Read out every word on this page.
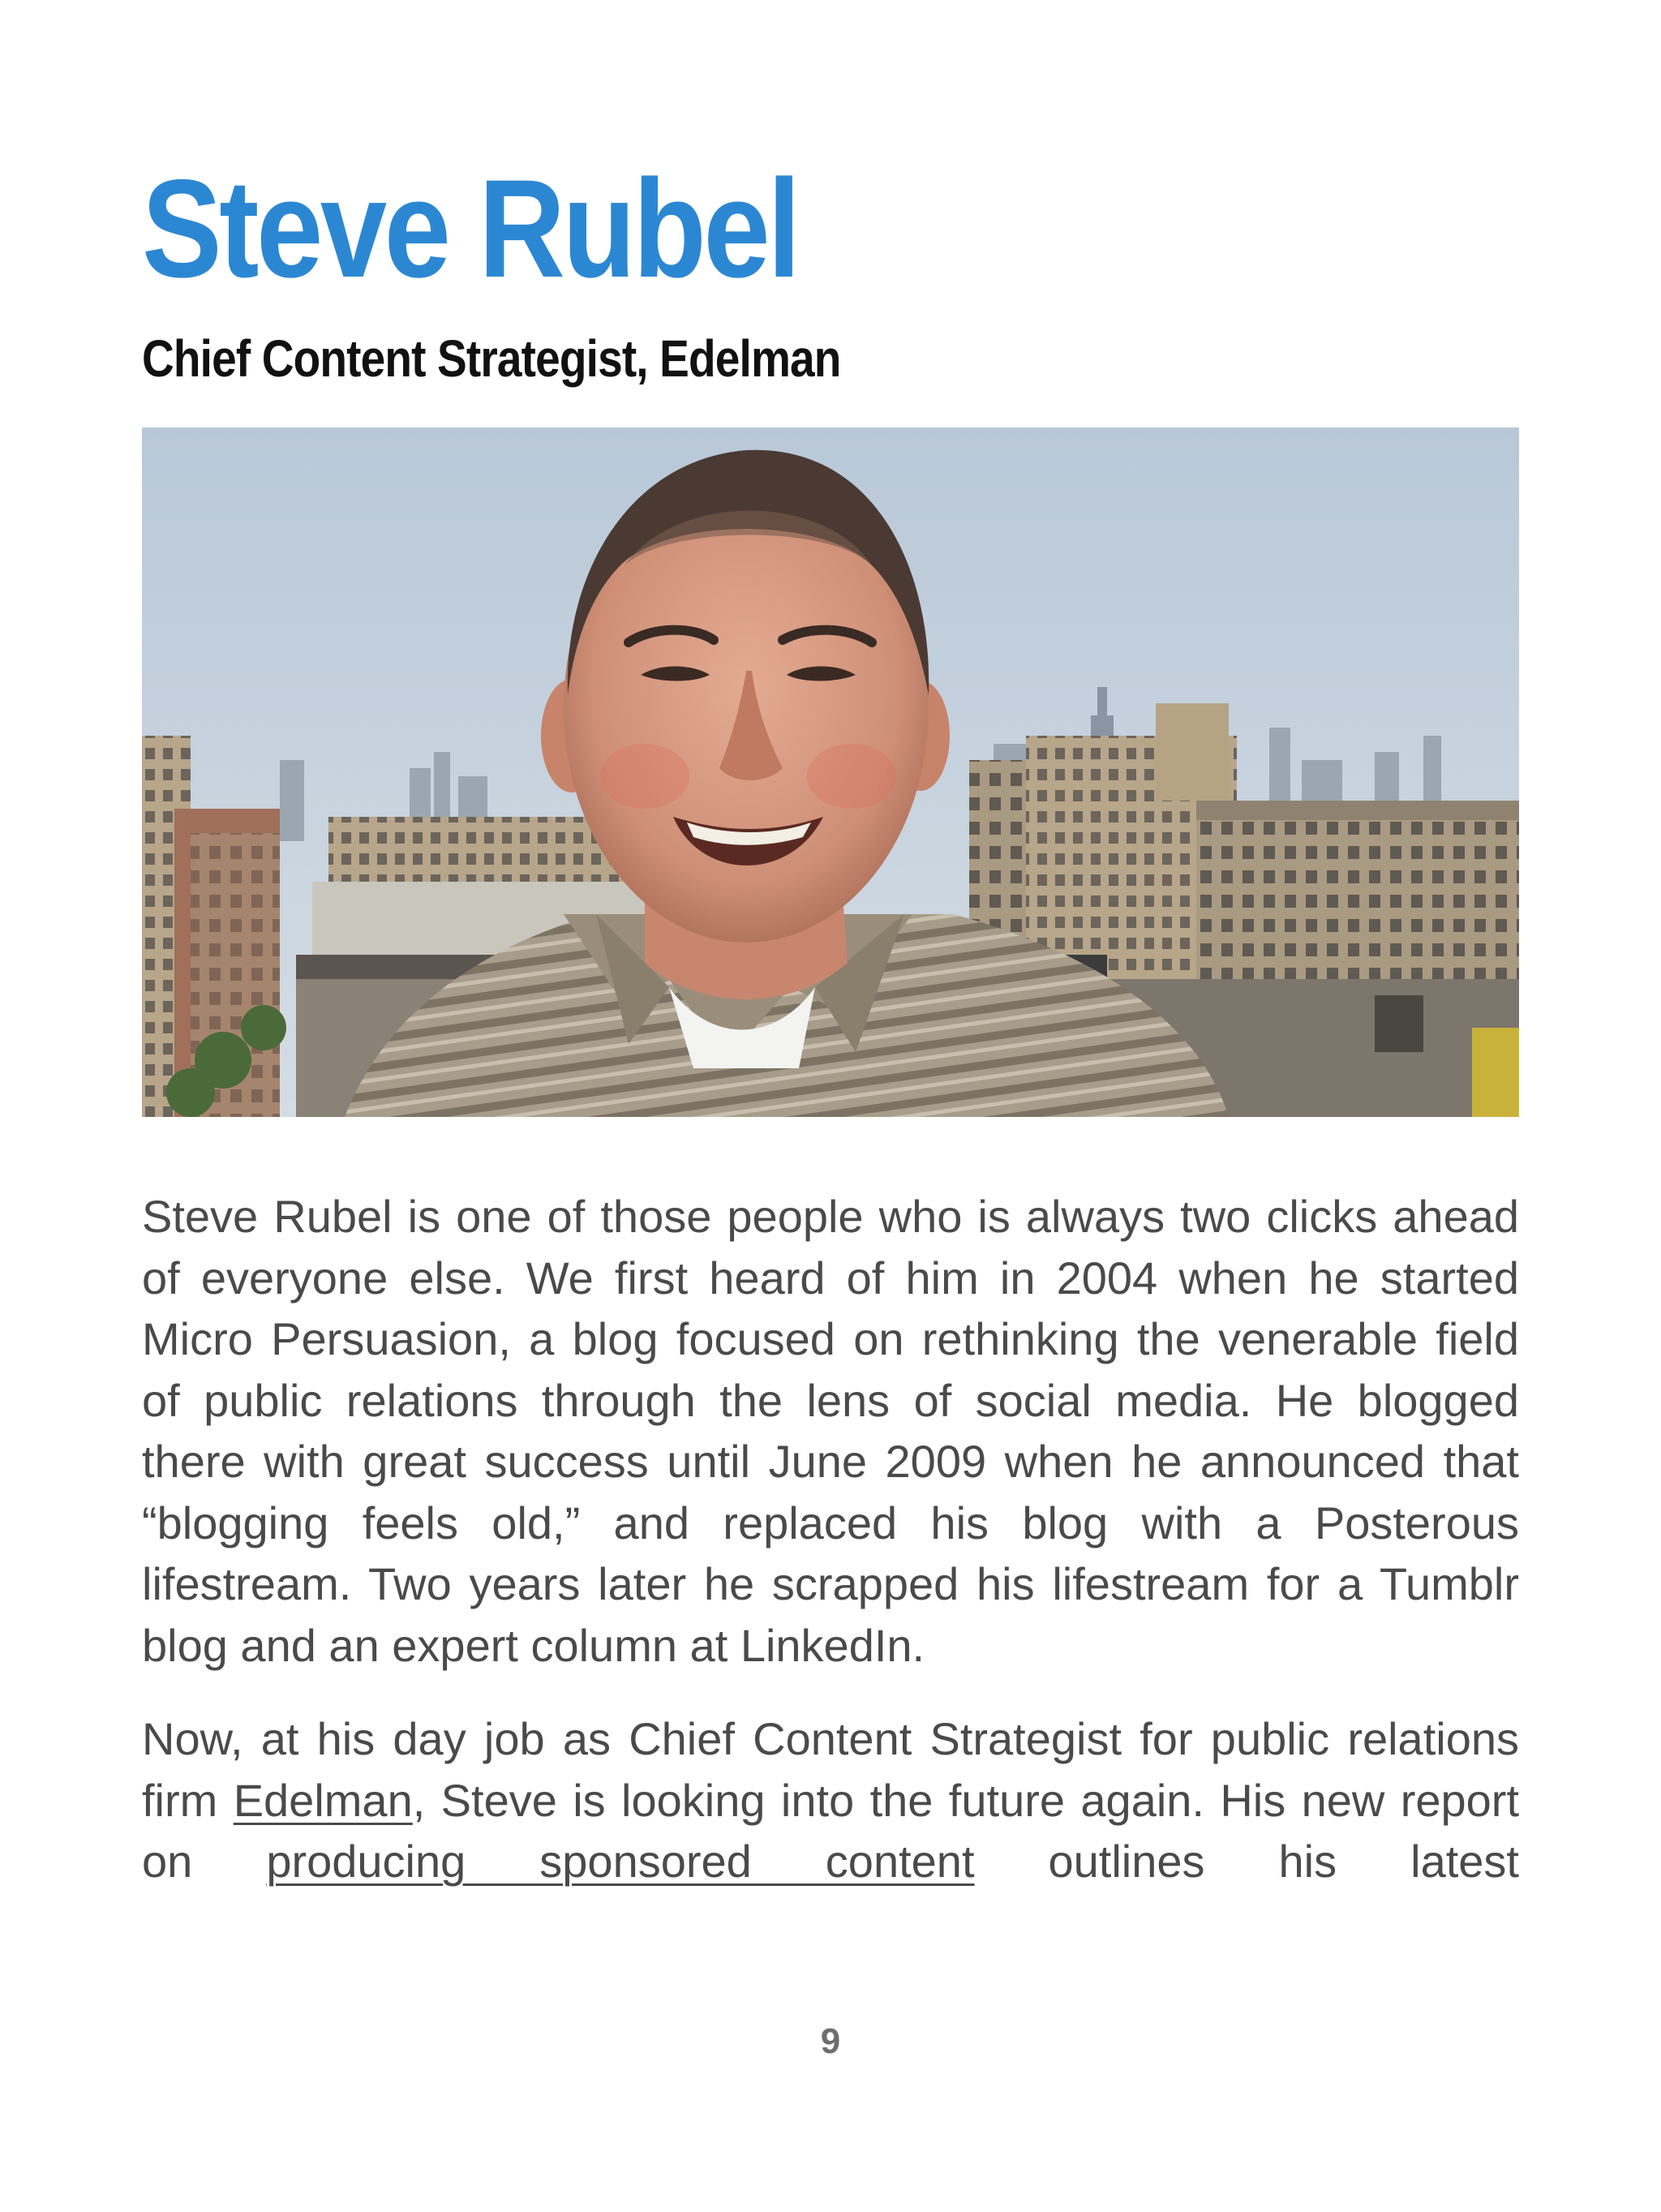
Steve Rubel
Chief Content Strategist, Edelman

Steve Rubel is one of those people who is always two clicks ahead of everyone else. We first heard of him in 2004 when he started Micro Persuasion, a blog focused on rethinking the venerable field of public relations through the lens of social media. He blogged there with great success until June 2009 when he announced that “blogging feels old,” and replaced his blog with a Posterous lifestream. Two years later he scrapped his lifestream for a Tumblr blog and an expert column at LinkedIn.

Now, at his day job as Chief Content Strategist for public relations firm Edelman, Steve is looking into the future again. His new report on producing sponsored content outlines his latest

9
